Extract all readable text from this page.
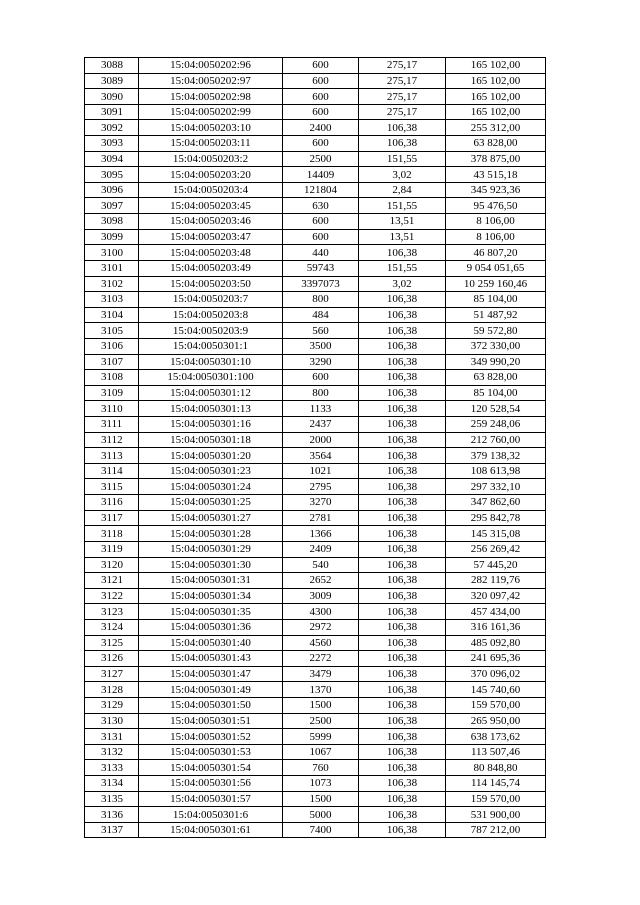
3088	15:04:0050202:96	600	275,17	165 102,00
3089	15:04:0050202:97	600	275,17	165 102,00
3090	15:04:0050202:98	600	275,17	165 102,00
3091	15:04:0050202:99	600	275,17	165 102,00
3092	15:04:0050203:10	2400	106,38	255 312,00
3093	15:04:0050203:11	600	106,38	63 828,00
3094	15:04:0050203:2	2500	151,55	378 875,00
3095	15:04:0050203:20	14409	3,02	43 515,18
3096	15:04:0050203:4	121804	2,84	345 923,36
3097	15:04:0050203:45	630	151,55	95 476,50
3098	15:04:0050203:46	600	13,51	8 106,00
3099	15:04:0050203:47	600	13,51	8 106,00
3100	15:04:0050203:48	440	106,38	46 807,20
3101	15:04:0050203:49	59743	151,55	9 054 051,65
3102	15:04:0050203:50	3397073	3,02	10 259 160,46
3103	15:04:0050203:7	800	106,38	85 104,00
3104	15:04:0050203:8	484	106,38	51 487,92
3105	15:04:0050203:9	560	106,38	59 572,80
3106	15:04:0050301:1	3500	106,38	372 330,00
3107	15:04:0050301:10	3290	106,38	349 990,20
3108	15:04:0050301:100	600	106,38	63 828,00
3109	15:04:0050301:12	800	106,38	85 104,00
3110	15:04:0050301:13	1133	106,38	120 528,54
3111	15:04:0050301:16	2437	106,38	259 248,06
3112	15:04:0050301:18	2000	106,38	212 760,00
3113	15:04:0050301:20	3564	106,38	379 138,32
3114	15:04:0050301:23	1021	106,38	108 613,98
3115	15:04:0050301:24	2795	106,38	297 332,10
3116	15:04:0050301:25	3270	106,38	347 862,60
3117	15:04:0050301:27	2781	106,38	295 842,78
3118	15:04:0050301:28	1366	106,38	145 315,08
3119	15:04:0050301:29	2409	106,38	256 269,42
3120	15:04:0050301:30	540	106,38	57 445,20
3121	15:04:0050301:31	2652	106,38	282 119,76
3122	15:04:0050301:34	3009	106,38	320 097,42
3123	15:04:0050301:35	4300	106,38	457 434,00
3124	15:04:0050301:36	2972	106,38	316 161,36
3125	15:04:0050301:40	4560	106,38	485 092,80
3126	15:04:0050301:43	2272	106,38	241 695,36
3127	15:04:0050301:47	3479	106,38	370 096,02
3128	15:04:0050301:49	1370	106,38	145 740,60
3129	15:04:0050301:50	1500	106,38	159 570,00
3130	15:04:0050301:51	2500	106,38	265 950,00
3131	15:04:0050301:52	5999	106,38	638 173,62
3132	15:04:0050301:53	1067	106,38	113 507,46
3133	15:04:0050301:54	760	106,38	80 848,80
3134	15:04:0050301:56	1073	106,38	114 145,74
3135	15:04:0050301:57	1500	106,38	159 570,00
3136	15:04:0050301:6	5000	106,38	531 900,00
3137	15:04:0050301:61	7400	106,38	787 212,00
